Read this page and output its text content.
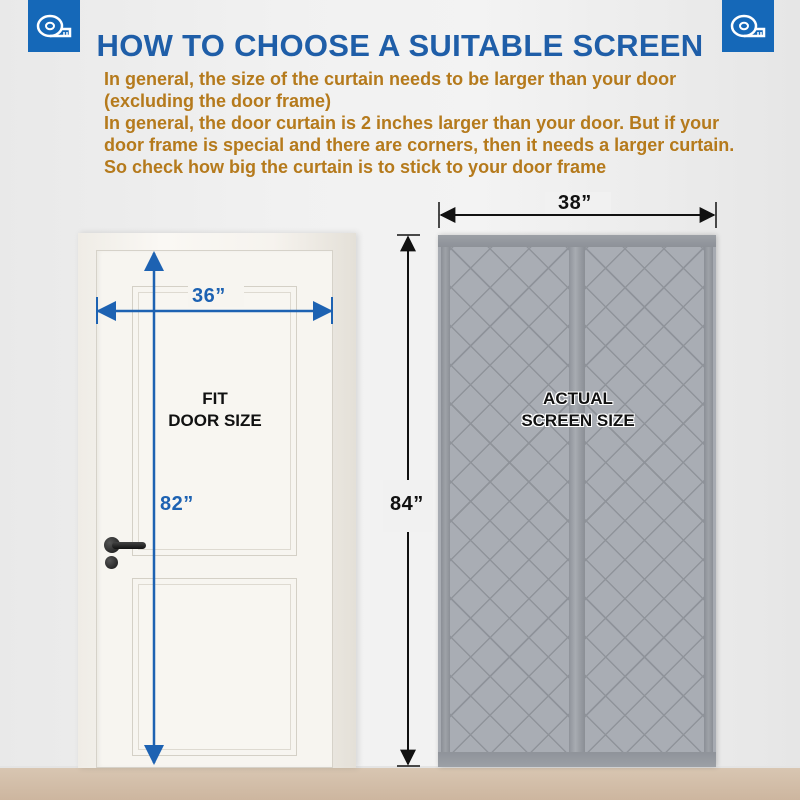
HOW TO CHOOSE A SUITABLE SCREEN
In general, the size of the curtain needs to be larger than your door (excluding the door frame)
In general, the door curtain is 2 inches larger than your door. But if your door frame is special and there are corners, then it needs a larger curtain. So check how big the curtain is to stick to your door frame
36”
82”
38”
84”
FIT
DOOR SIZE
ACTUAL
SCREEN SIZE
